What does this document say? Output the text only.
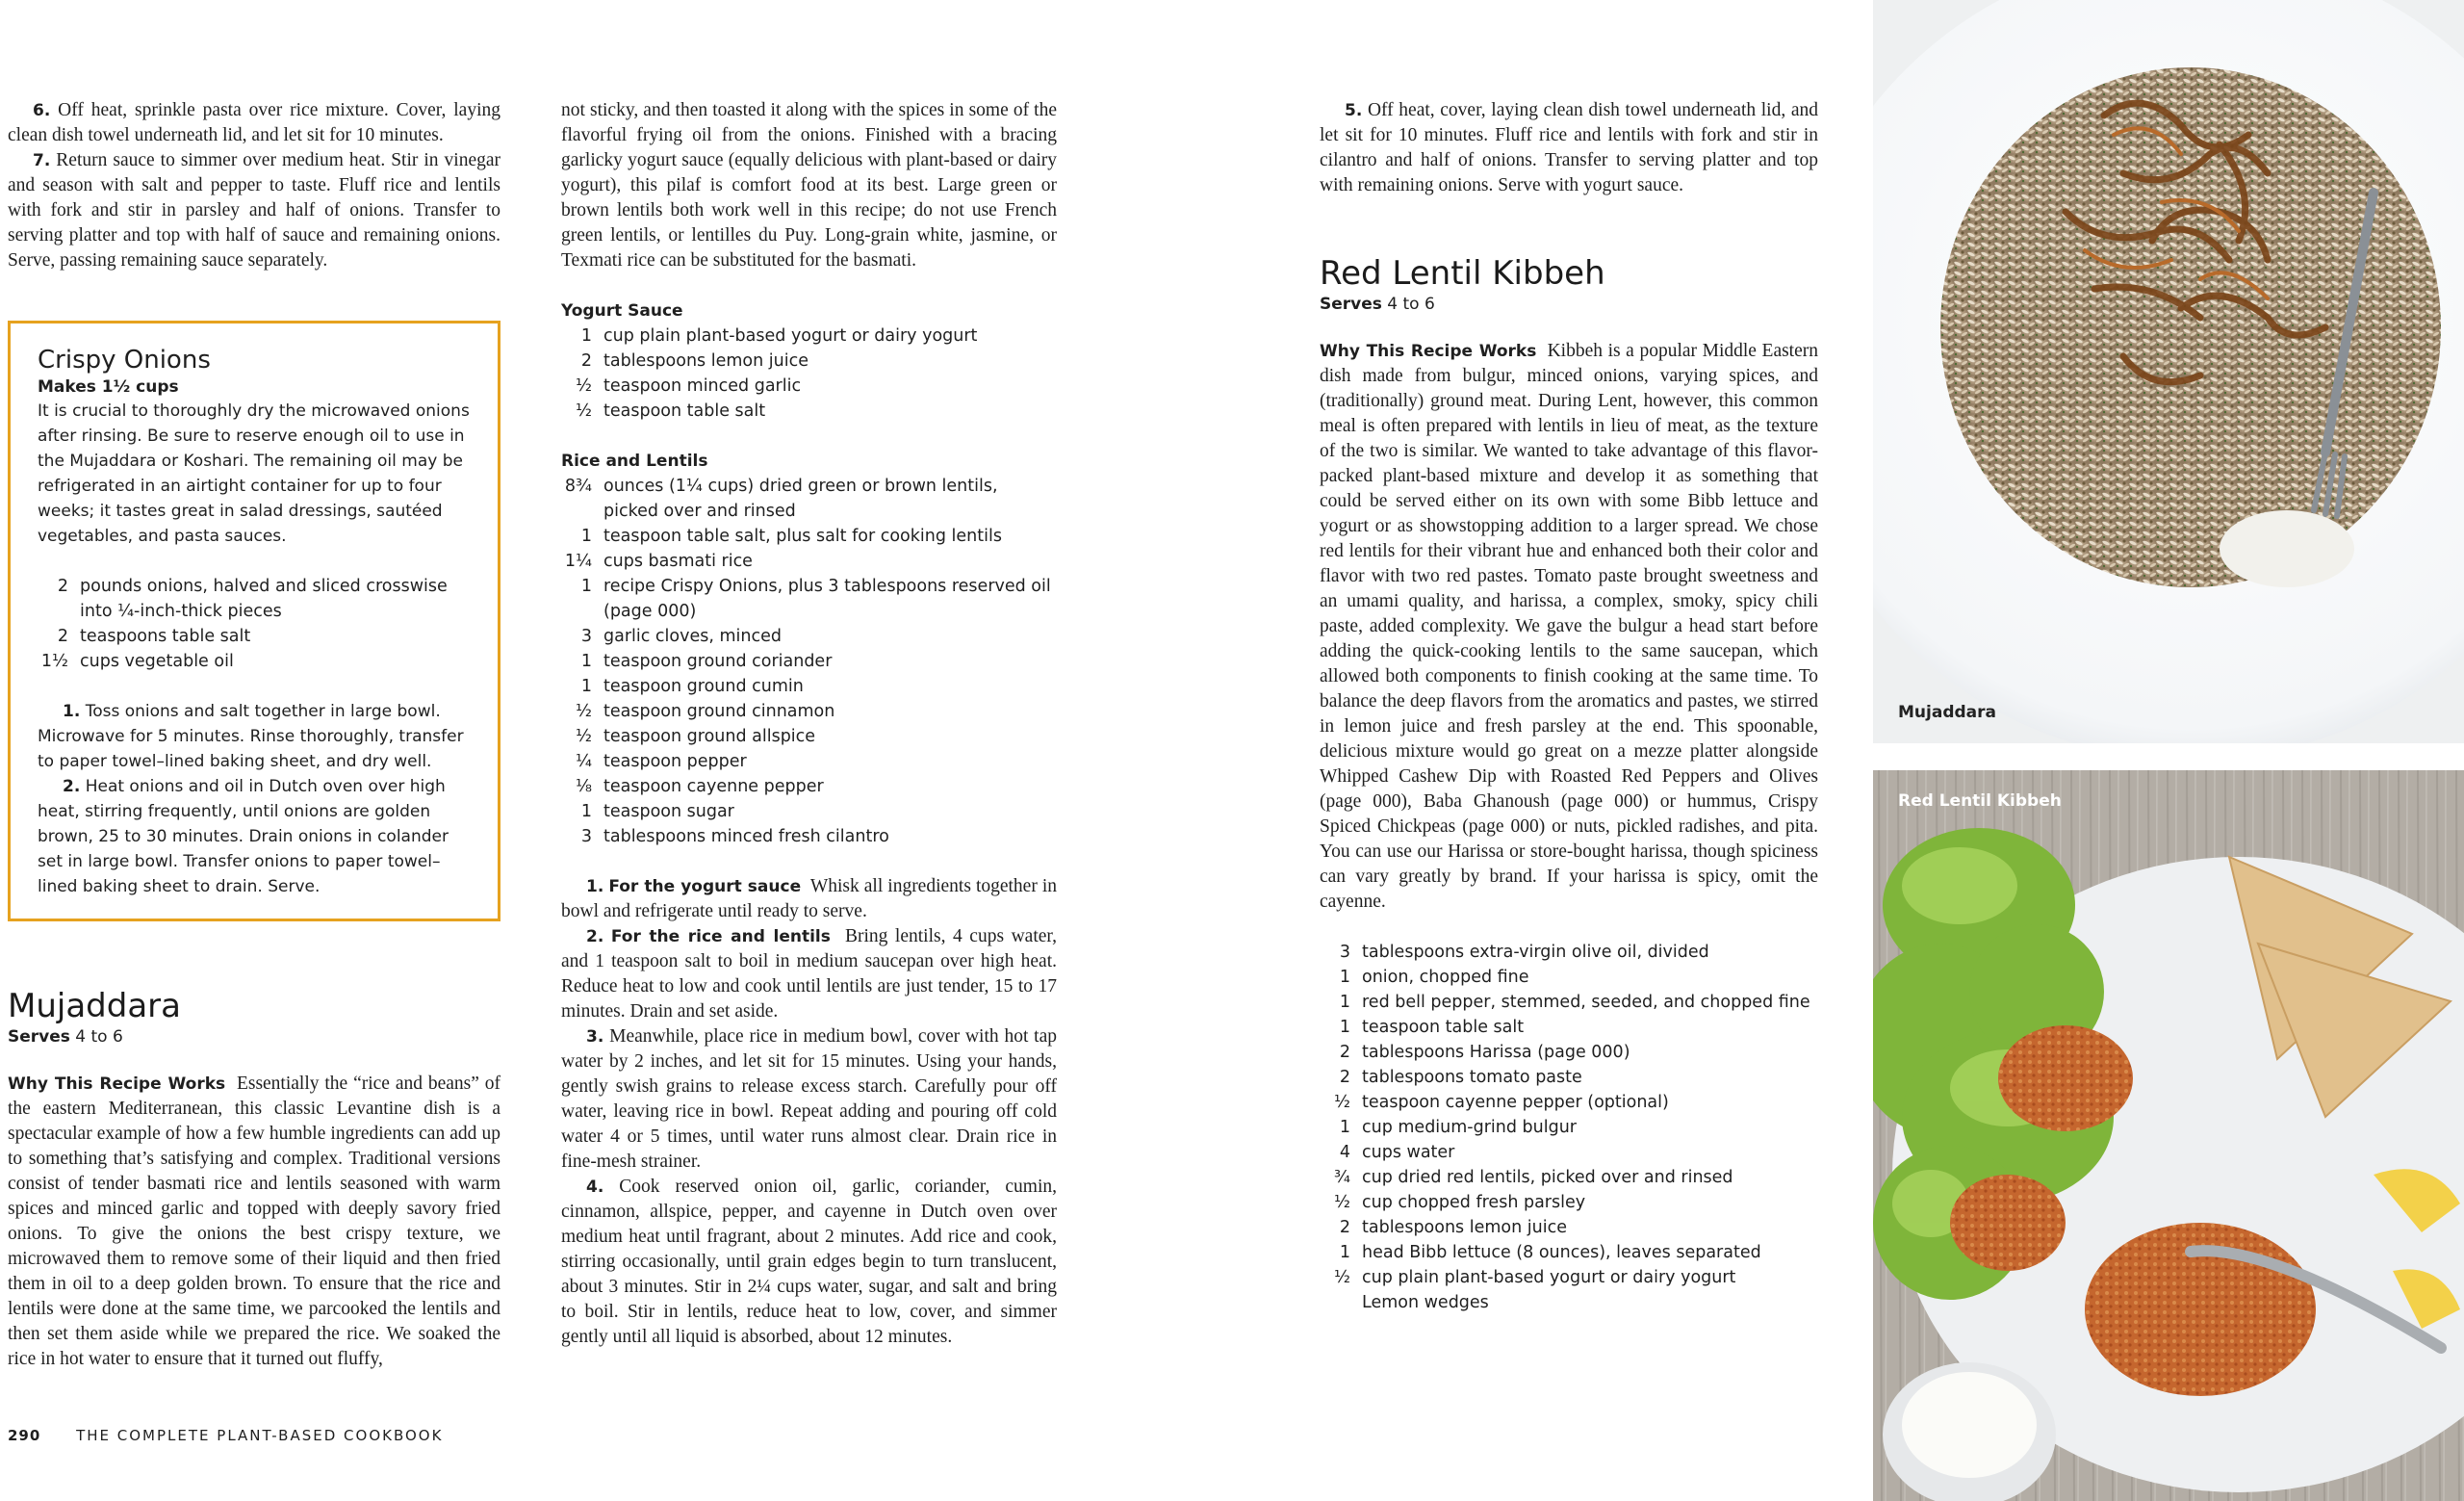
6. Off heat, sprinkle pasta over rice mixture. Cover, laying clean dish towel underneath lid, and let sit for 10 minutes.

7. Return sauce to simmer over medium heat. Stir in vinegar and season with salt and pepper to taste. Fluff rice and lentils with fork and stir in parsley and half of onions. Transfer to serving platter and top with half of sauce and remaining onions. Serve, passing remaining sauce separately.

Crispy Onions
Makes 1½ cups

It is crucial to thoroughly dry the microwaved onions after rinsing. Be sure to reserve enough oil to use in the Mujaddara or Koshari. The remaining oil may be refrigerated in an airtight container for up to four weeks; it tastes great in salad dressings, sautéed vegetables, and pasta sauces.

2 pounds onions, halved and sliced crosswise into ¼-inch-thick pieces
2 teaspoons table salt
1½ cups vegetable oil

1. Toss onions and salt together in large bowl. Microwave for 5 minutes. Rinse thoroughly, transfer to paper towel–lined baking sheet, and dry well.

2. Heat onions and oil in Dutch oven over high heat, stirring frequently, until onions are golden brown, 25 to 30 minutes. Drain onions in colander set in large bowl. Transfer onions to paper towel–lined baking sheet to drain. Serve.

Mujaddara
Serves 4 to 6

Why This Recipe Works Essentially the “rice and beans” of the eastern Mediterranean, this classic Levantine dish is a spectacular example of how a few humble ingredients can add up to something that’s satisfying and complex. Traditional versions consist of tender basmati rice and lentils seasoned with warm spices and minced garlic and topped with deeply savory fried onions. To give the onions the best crispy texture, we microwaved them to remove some of their liquid and then fried them in oil to a deep golden brown. To ensure that the rice and lentils were done at the same time, we parcooked the lentils and then set them aside while we prepared the rice. We soaked the rice in hot water to ensure that it turned out fluffy,

not sticky, and then toasted it along with the spices in some of the flavorful frying oil from the onions. Finished with a bracing garlicky yogurt sauce (equally delicious with plant-based or dairy yogurt), this pilaf is comfort food at its best. Large green or brown lentils both work well in this recipe; do not use French green lentils, or lentilles du Puy. Long-grain white, jasmine, or Texmati rice can be substituted for the basmati.

Yogurt Sauce
1 cup plain plant-based yogurt or dairy yogurt
2 tablespoons lemon juice
½ teaspoon minced garlic
½ teaspoon table salt
Rice and Lentils
8¾ ounces (1¼ cups) dried green or brown lentils, picked over and rinsed
1 teaspoon table salt, plus salt for cooking lentils
1¼ cups basmati rice
1 recipe Crispy Onions, plus 3 tablespoons reserved oil (page 000)
3 garlic cloves, minced
1 teaspoon ground coriander
1 teaspoon ground cumin
½ teaspoon ground cinnamon
½ teaspoon ground allspice
¼ teaspoon pepper
⅛ teaspoon cayenne pepper
1 teaspoon sugar
3 tablespoons minced fresh cilantro

1. For the yogurt sauce Whisk all ingredients together in bowl and refrigerate until ready to serve.

2. For the rice and lentils Bring lentils, 4 cups water, and 1 teaspoon salt to boil in medium saucepan over high heat. Reduce heat to low and cook until lentils are just tender, 15 to 17 minutes. Drain and set aside.

3. Meanwhile, place rice in medium bowl, cover with hot tap water by 2 inches, and let sit for 15 minutes. Using your hands, gently swish grains to release excess starch. Carefully pour off water, leaving rice in bowl. Repeat adding and pouring off cold water 4 or 5 times, until water runs almost clear. Drain rice in fine-mesh strainer.

4. Cook reserved onion oil, garlic, coriander, cumin, cinnamon, allspice, pepper, and cayenne in Dutch oven over medium heat until fragrant, about 2 minutes. Add rice and cook, stirring occasionally, until grain edges begin to turn translucent, about 3 minutes. Stir in 2¼ cups water, sugar, and salt and bring to boil. Stir in lentils, reduce heat to low, cover, and simmer gently until all liquid is absorbed, about 12 minutes.

5. Off heat, cover, laying clean dish towel underneath lid, and let sit for 10 minutes. Fluff rice and lentils with fork and stir in cilantro and half of onions. Transfer to serving platter and top with remaining onions. Serve with yogurt sauce.

Red Lentil Kibbeh
Serves 4 to 6

Why This Recipe Works Kibbeh is a popular Middle Eastern dish made from bulgur, minced onions, varying spices, and (traditionally) ground meat. During Lent, however, this common meal is often prepared with lentils in lieu of meat, as the texture of the two is similar. We wanted to take advantage of this flavor-packed plant-based mixture and develop it as something that could be served either on its own with some Bibb lettuce and yogurt or as showstopping addition to a larger spread. We chose red lentils for their vibrant hue and enhanced both their color and flavor with two red pastes. Tomato paste brought sweetness and an umami quality, and harissa, a complex, smoky, spicy chili paste, added complexity. We gave the bulgur a head start before adding the quick-cooking lentils to the same saucepan, which allowed both components to finish cooking at the same time. To balance the deep flavors from the aromatics and pastes, we stirred in lemon juice and fresh parsley at the end. This spoonable, delicious mixture would go great on a mezze platter alongside Whipped Cashew Dip with Roasted Red Peppers and Olives (page 000), Baba Ghanoush (page 000) or hummus, Crispy Spiced Chickpeas (page 000) or nuts, pickled radishes, and pita. You can use our Harissa or store-bought harissa, though spiciness can vary greatly by brand. If your harissa is spicy, omit the cayenne.

3 tablespoons extra-virgin olive oil, divided
1 onion, chopped fine
1 red bell pepper, stemmed, seeded, and chopped fine
1 teaspoon table salt
2 tablespoons Harissa (page 000)
2 tablespoons tomato paste
½ teaspoon cayenne pepper (optional)
1 cup medium-grind bulgur
4 cups water
¾ cup dried red lentils, picked over and rinsed
½ cup chopped fresh parsley
2 tablespoons lemon juice
1 head Bibb lettuce (8 ounces), leaves separated
½ cup plain plant-based yogurt or dairy yogurt
Lemon wedges
290 THE COMPLETE PLANT-BASED COOKBOOK
Mujaddara
Red Lentil Kibbeh
